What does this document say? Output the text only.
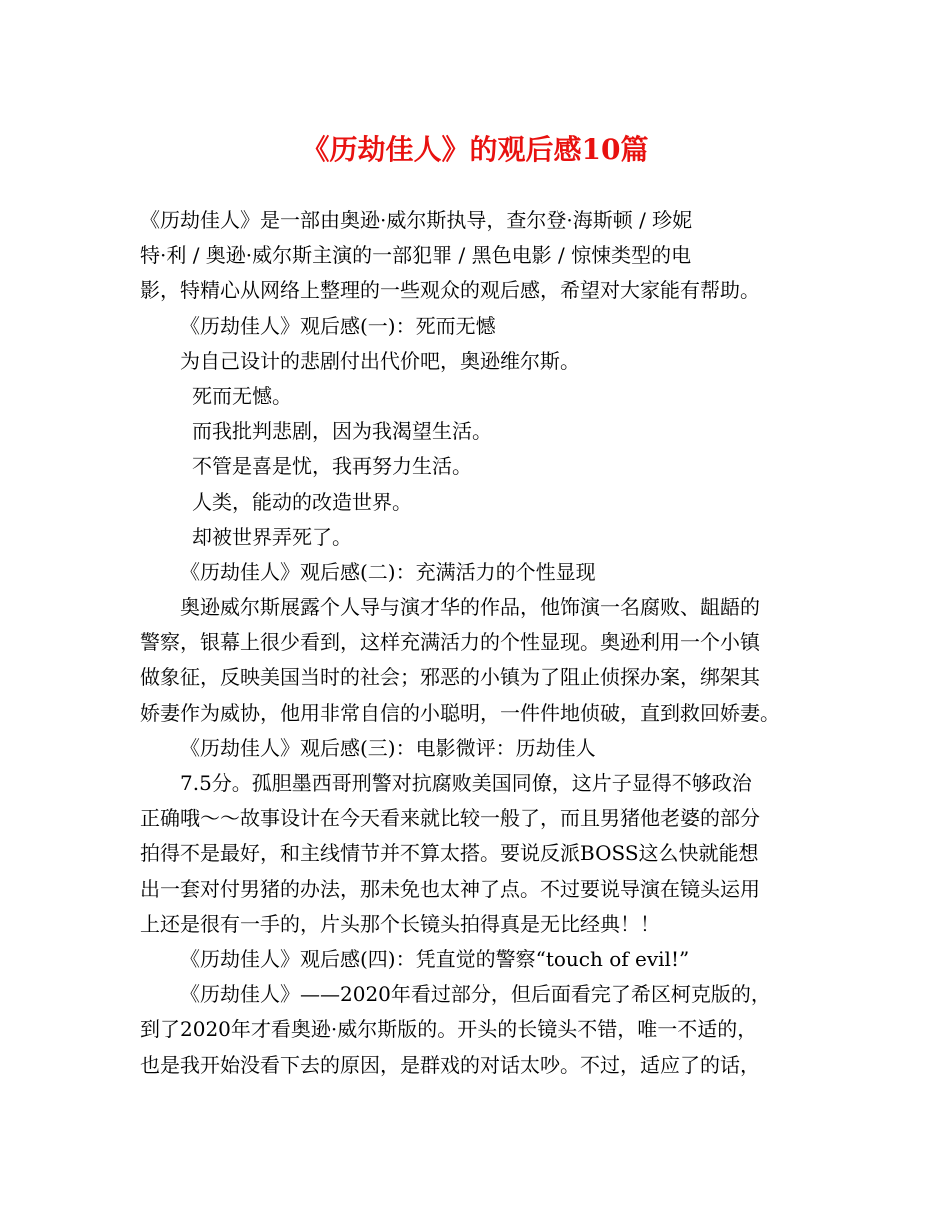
《历劫佳人》的观后感10篇
《历劫佳人》是一部由奥逊·威尔斯执导，查尔登·海斯顿 / 珍妮
特·利 / 奥逊·威尔斯主演的一部犯罪 / 黑色电影 / 惊悚类型的电
影，特精心从网络上整理的一些观众的观后感，希望对大家能有帮助。
《历劫佳人》观后感(一)：死而无憾
为自己设计的悲剧付出代价吧，奥逊维尔斯。
死而无憾。
而我批判悲剧，因为我渴望生活。
不管是喜是忧，我再努力生活。
人类，能动的改造世界。
却被世界弄死了。
《历劫佳人》观后感(二)：充满活力的个性显现
奥逊威尔斯展露个人导与演才华的作品，他饰演一名腐败、龃龉的
警察，银幕上很少看到，这样充满活力的个性显现。奥逊利用一个小镇
做象征，反映美国当时的社会；邪恶的小镇为了阻止侦探办案，绑架其
娇妻作为威协，他用非常自信的小聪明，一件件地侦破，直到救回娇妻。
《历劫佳人》观后感(三)：电影微评：历劫佳人
7.5分。孤胆墨西哥刑警对抗腐败美国同僚，这片子显得不够政治
正确哦～～故事设计在今天看来就比较一般了，而且男猪他老婆的部分
拍得不是最好，和主线情节并不算太搭。要说反派BOSS这么快就能想
出一套对付男猪的办法，那未免也太神了点。不过要说导演在镜头运用
上还是很有一手的，片头那个长镜头拍得真是无比经典！！
《历劫佳人》观后感(四)：凭直觉的警察“touch of evil!”
《历劫佳人》——2020年看过部分，但后面看完了希区柯克版的，
到了2020年才看奥逊·威尔斯版的。开头的长镜头不错，唯一不适的，
也是我开始没看下去的原因，是群戏的对话太吵。不过，适应了的话，
